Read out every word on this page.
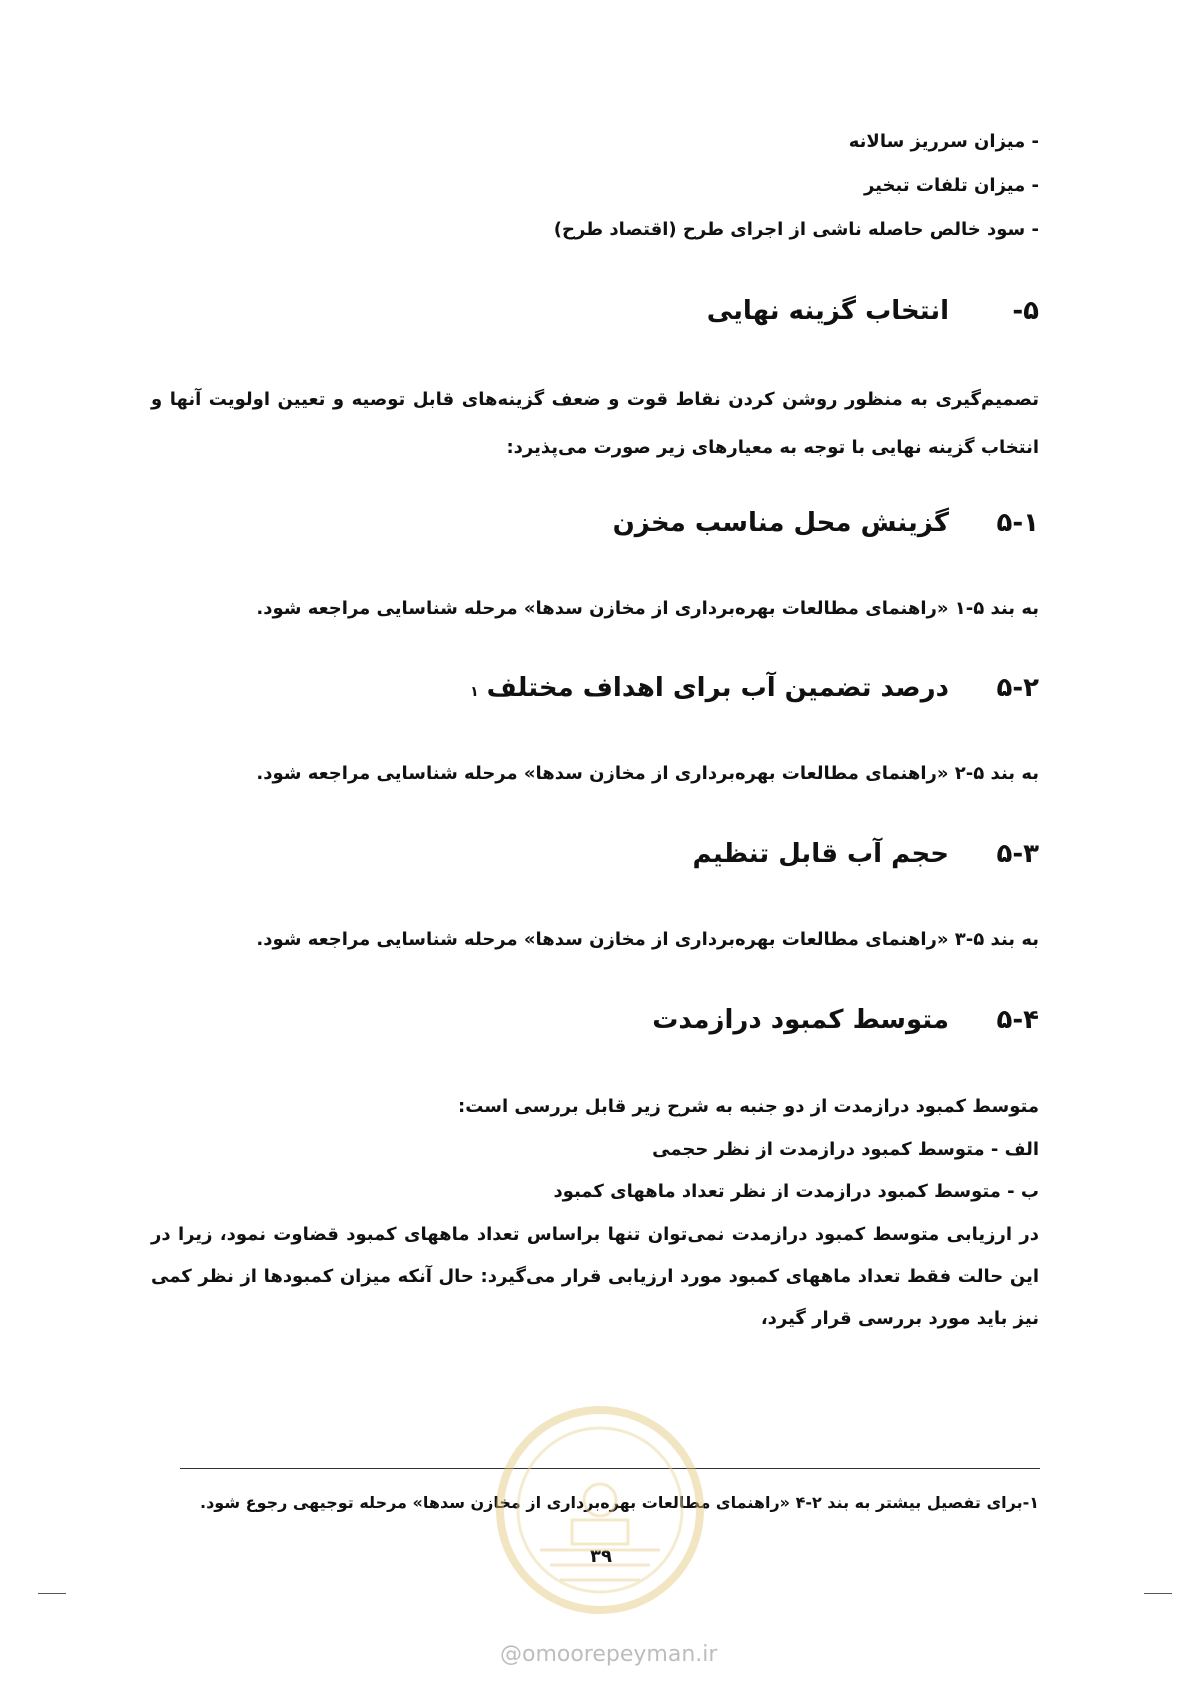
- میزان سرریز سالانه
- میزان تلفات تبخیر
- سود خالص حاصله ناشی از اجرای طرح (اقتصاد طرح)
۵-
انتخاب گزینه نهایی
تصمیم‌گیری به منظور روشن کردن نقاط قوت و ضعف گزینه‌های قابل توصیه و تعیین اولویت آنها و انتخاب گزینه نهایی با توجه به معیارهای زیر صورت می‌پذیرد:
۵-۱
گزینش محل مناسب مخزن
به بند ۵-۱ «راهنمای مطالعات بهره‌برداری از مخازن سدها» مرحله شناسایی مراجعه شود.
۵-۲
درصد تضمین آب برای اهداف مختلف
۱
به بند ۵-۲ «راهنمای مطالعات بهره‌برداری از مخازن سدها» مرحله شناسایی مراجعه شود.
۵-۳
حجم آب قابل تنظیم
به بند ۵-۳ «راهنمای مطالعات بهره‌برداری از مخازن سدها» مرحله شناسایی مراجعه شود.
۵-۴
متوسط کمبود درازمدت
متوسط کمبود درازمدت از دو جنبه به شرح زیر قابل بررسی است:
الف - متوسط کمبود درازمدت از نظر حجمی
ب - متوسط کمبود درازمدت از نظر تعداد ماههای کمبود
در ارزیابی متوسط کمبود درازمدت نمی‌توان تنها براساس تعداد ماههای کمبود قضاوت نمود، زیرا در این حالت فقط تعداد ماههای کمبود مورد ارزیابی قرار می‌گیرد: حال آنکه میزان کمبودها از نظر کمی نیز باید مورد بررسی قرار گیرد،
۱-برای تفصیل بیشتر به بند ۲-۴ «راهنمای مطالعات بهره‌برداری از مخازن سدها» مرحله توجیهی رجوع شود.
۳۹
@omoorepeyman.ir
